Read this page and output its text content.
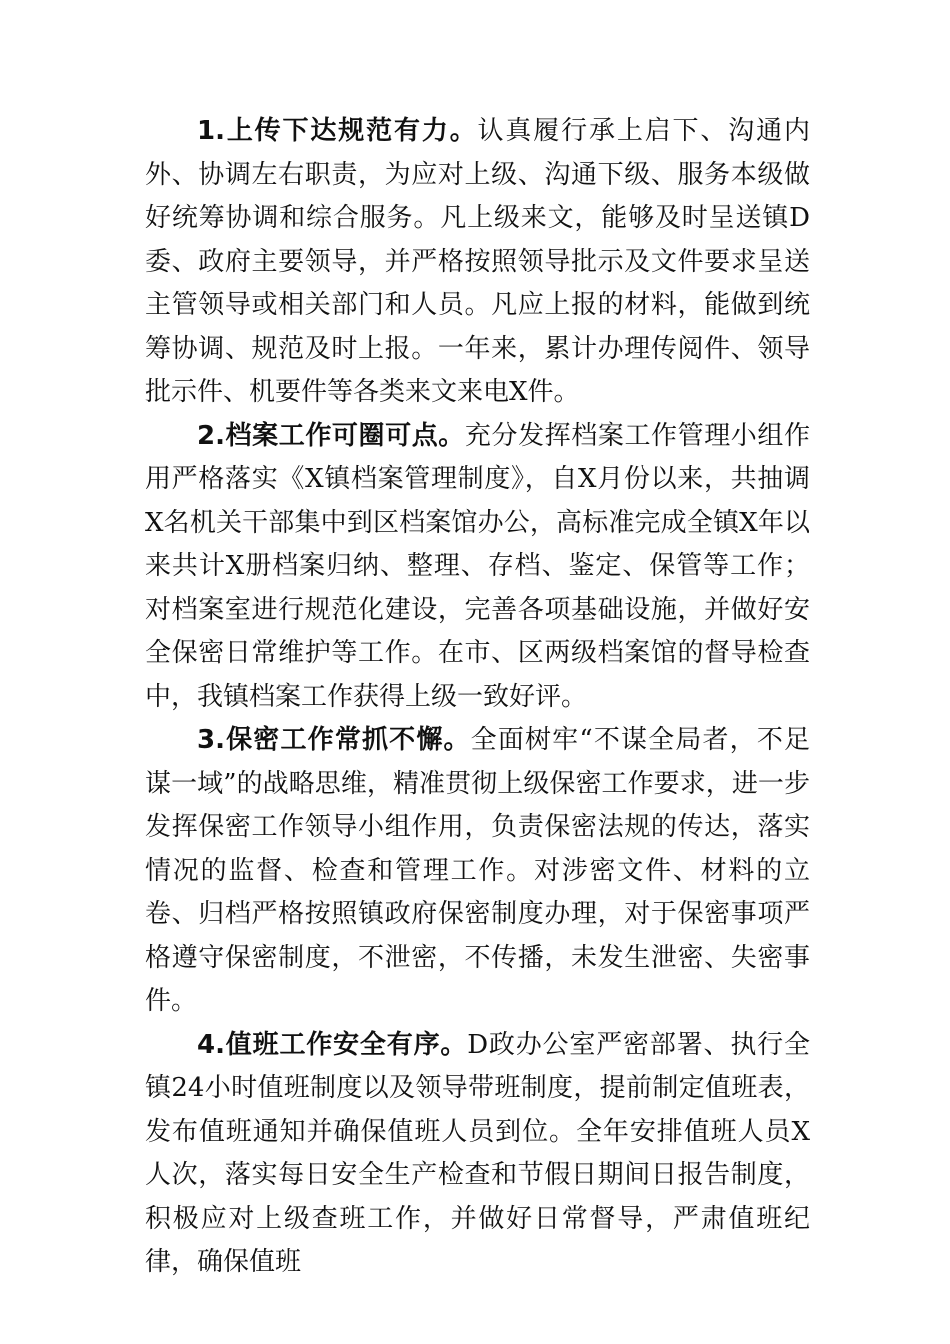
1.上传下达规范有力。认真履行承上启下、沟通内外、协调左右职责，为应对上级、沟通下级、服务本级做好统筹协调和综合服务。凡上级来文，能够及时呈送镇D委、政府主要领导，并严格按照领导批示及文件要求呈送主管领导或相关部门和人员。凡应上报的材料，能做到统筹协调、规范及时上报。一年来，累计办理传阅件、领导批示件、机要件等各类来文来电X件。

2.档案工作可圈可点。充分发挥档案工作管理小组作用严格落实《X镇档案管理制度》，自X月份以来，共抽调X名机关干部集中到区档案馆办公，高标准完成全镇X年以来共计X册档案归纳、整理、存档、鉴定、保管等工作；对档案室进行规范化建设，完善各项基础设施，并做好安全保密日常维护等工作。在市、区两级档案馆的督导检查中，我镇档案工作获得上级一致好评。

3.保密工作常抓不懈。全面树牢“不谋全局者，不足谋一域”的战略思维，精准贯彻上级保密工作要求，进一步发挥保密工作领导小组作用，负责保密法规的传达，落实情况的监督、检查和管理工作。对涉密文件、材料的立卷、归档严格按照镇政府保密制度办理，对于保密事项严格遵守保密制度，不泄密，不传播，未发生泄密、失密事件。

4.值班工作安全有序。D政办公室严密部署、执行全镇24小时值班制度以及领导带班制度，提前制定值班表，发布值班通知并确保值班人员到位。全年安排值班人员X人次，落实每日安全生产检查和节假日期间日报告制度，积极应对上级查班工作，并做好日常督导，严肃值班纪律，确保值班
